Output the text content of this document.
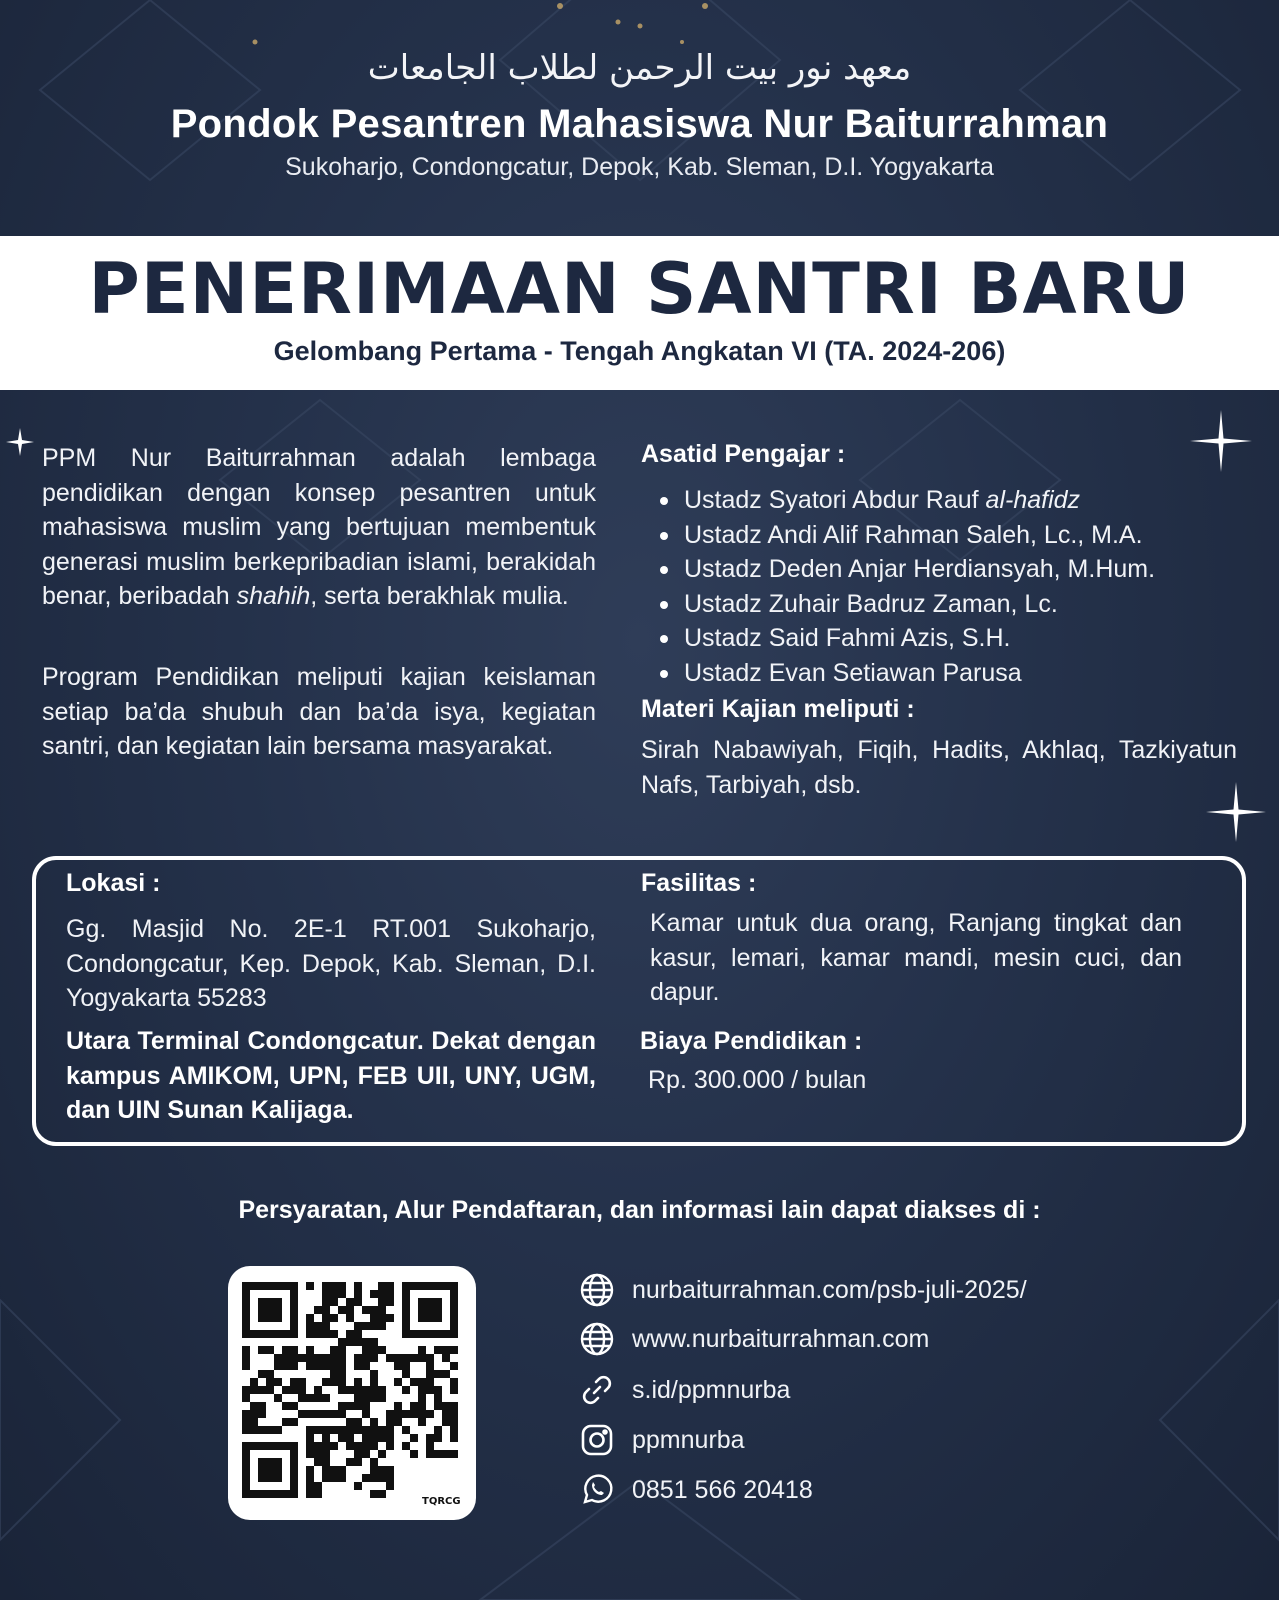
معهد نور بيت الرحمن لطلاب الجامعات
Pondok Pesantren Mahasiswa Nur Baiturrahman
Sukoharjo, Condongcatur, Depok, Kab. Sleman, D.I. Yogyakarta
PENERIMAAN SANTRI BARU
Gelombang Pertama - Tengah Angkatan VI (TA. 2024-206)
PPM Nur Baiturrahman adalah lembaga pendidikan dengan konsep pesantren untuk mahasiswa muslim yang bertujuan membentuk generasi muslim berkepribadian islami, berakidah benar, beribadah shahih, serta berakhlak mulia.
Program Pendidikan meliputi kajian keislaman setiap ba’da shubuh dan ba’da isya, kegiatan santri, dan kegiatan lain bersama masyarakat.
Asatid Pengajar :
Ustadz Syatori Abdur Rauf al-hafidz
Ustadz Andi Alif Rahman Saleh, Lc., M.A.
Ustadz Deden Anjar Herdiansyah, M.Hum.
Ustadz Zuhair Badruz Zaman, Lc.
Ustadz Said Fahmi Azis, S.H.
Ustadz Evan Setiawan Parusa
Materi Kajian meliputi :
Sirah Nabawiyah, Fiqih, Hadits, Akhlaq, Tazkiyatun Nafs, Tarbiyah, dsb.
Lokasi :
Gg. Masjid No. 2E-1 RT.001 Sukoharjo, Condongcatur, Kep. Depok, Kab. Sleman, D.I. Yogyakarta 55283
Utara Terminal Condongcatur. Dekat dengan kampus AMIKOM, UPN, FEB UII, UNY, UGM, dan UIN Sunan Kalijaga.
Fasilitas :
Kamar untuk dua orang, Ranjang tingkat dan kasur, lemari, kamar mandi, mesin cuci, dan dapur.
Biaya Pendidikan :
Rp. 300.000 / bulan
Persyaratan, Alur Pendaftaran, dan informasi lain dapat diakses di :
TQRCG
nurbaiturrahman.com/psb-juli-2025/
www.nurbaiturrahman.com
s.id/ppmnurba
ppmnurba
0851 566 20418
